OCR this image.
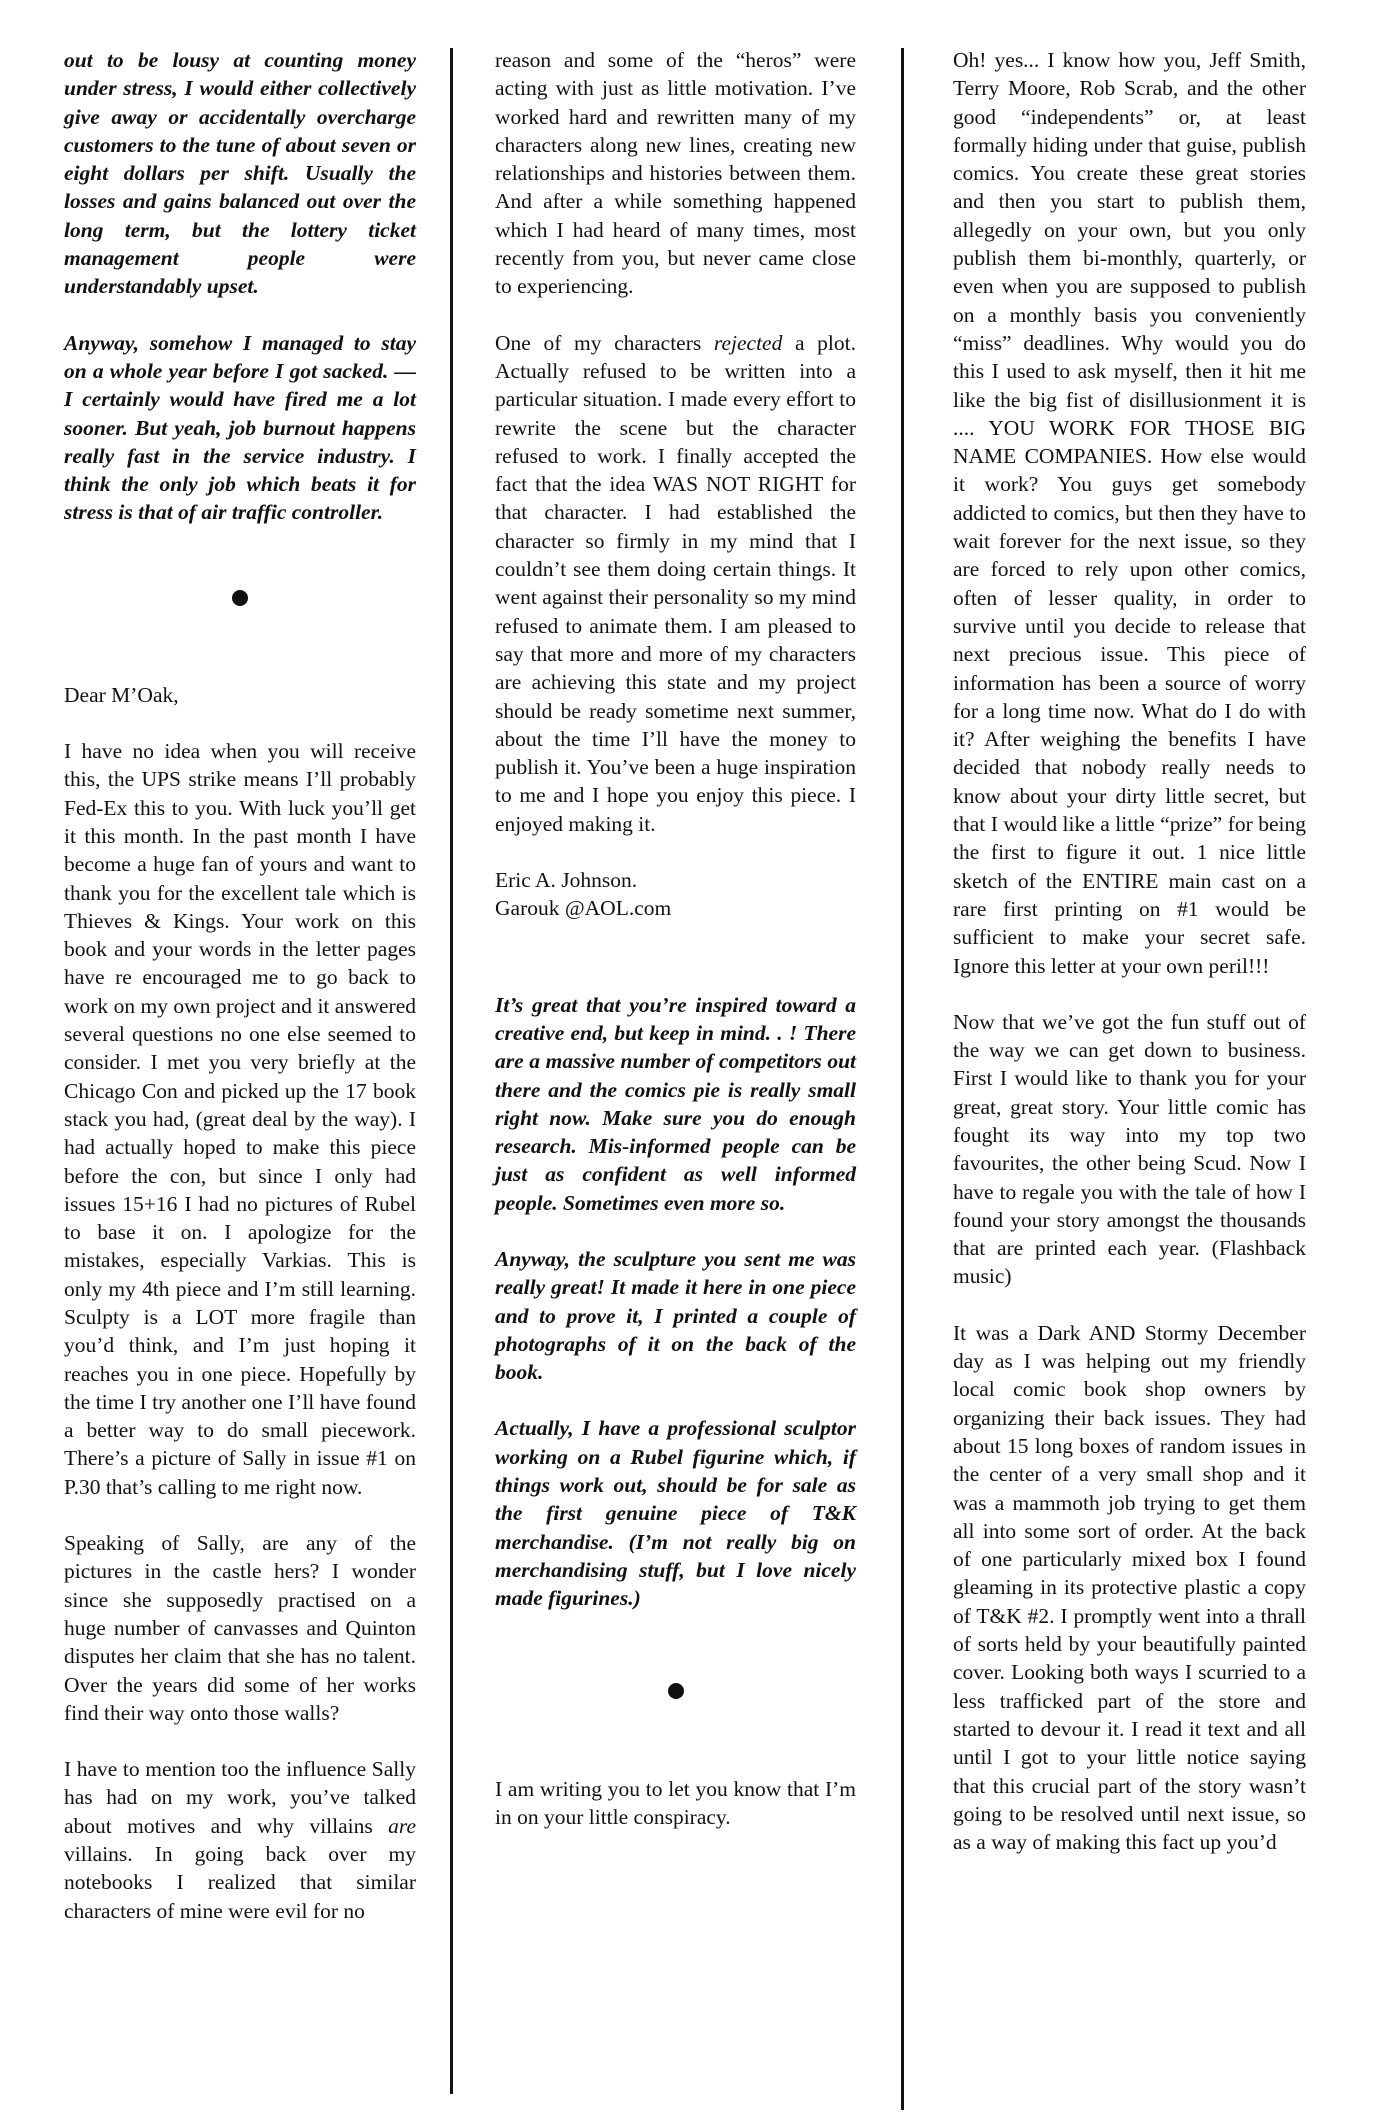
out to be lousy at counting money under stress, I would either collectively give away or accidentally overcharge customers to the tune of about seven or eight dollars per shift. Usually the losses and gains balanced out over the long term, but the lottery ticket management people were understandably upset.

Anyway, somehow I managed to stay on a whole year before I got sacked. —I certainly would have fired me a lot sooner. But yeah, job burnout happens really fast in the service industry. I think the only job which beats it for stress is that of air traffic controller.

Dear M’Oak,

I have no idea when you will receive this, the UPS strike means I’ll probably Fed-Ex this to you. With luck you’ll get it this month. In the past month I have become a huge fan of yours and want to thank you for the excellent tale which is Thieves & Kings. Your work on this book and your words in the letter pages have re encouraged me to go back to work on my own project and it answered several questions no one else seemed to consider. I met you very briefly at the Chicago Con and picked up the 17 book stack you had, (great deal by the way). I had actually hoped to make this piece before the con, but since I only had issues 15+16 I had no pictures of Rubel to base it on. I apologize for the mistakes, especially Varkias. This is only my 4th piece and I’m still learning. Sculpty is a LOT more fragile than you’d think, and I’m just hoping it reaches you in one piece. Hopefully by the time I try another one I’ll have found a better way to do small piecework. There’s a picture of Sally in issue #1 on P.30 that’s calling to me right now.

Speaking of Sally, are any of the pictures in the castle hers? I wonder since she supposedly practised on a huge number of canvasses and Quinton disputes her claim that she has no talent. Over the years did some of her works find their way onto those walls?

I have to mention too the influence Sally has had on my work, you’ve talked about motives and why villains are villains. In going back over my notebooks I realized that similar characters of mine were evil for no

reason and some of the “heros” were acting with just as little motivation. I’ve worked hard and rewritten many of my characters along new lines, creating new relationships and histories between them. And after a while something happened which I had heard of many times, most recently from you, but never came close to experiencing.

One of my characters rejected a plot. Actually refused to be written into a particular situation. I made every effort to rewrite the scene but the character refused to work. I finally accepted the fact that the idea WAS NOT RIGHT for that character. I had established the character so firmly in my mind that I couldn’t see them doing certain things. It went against their personality so my mind refused to animate them. I am pleased to say that more and more of my characters are achieving this state and my project should be ready sometime next summer, about the time I’ll have the money to publish it. You’ve been a huge inspiration to me and I hope you enjoy this piece. I enjoyed making it.

Eric A. Johnson.

Garouk @AOL.com

It’s great that you’re inspired toward a creative end, but keep in mind. . ! There are a massive number of competitors out there and the comics pie is really small right now. Make sure you do enough research. Mis-informed people can be just as confident as well informed people. Sometimes even more so.

Anyway, the sculpture you sent me was really great! It made it here in one piece and to prove it, I printed a couple of photographs of it on the back of the book.

Actually, I have a professional sculptor working on a Rubel figurine which, if things work out, should be for sale as the first genuine piece of T&K merchandise. (I’m not really big on merchandising stuff, but I love nicely made figurines.)

I am writing you to let you know that I’m in on your little conspiracy.

Oh! yes... I know how you, Jeff Smith, Terry Moore, Rob Scrab, and the other good “independents” or, at least formally hiding under that guise, publish comics. You create these great stories and then you start to publish them, allegedly on your own, but you only publish them bi-monthly, quarterly, or even when you are supposed to publish on a monthly basis you conveniently “miss” deadlines. Why would you do this I used to ask myself, then it hit me like the big fist of disillusionment it is .... YOU WORK FOR THOSE BIG NAME COMPANIES. How else would it work? You guys get somebody addicted to comics, but then they have to wait forever for the next issue, so they are forced to rely upon other comics, often of lesser quality, in order to survive until you decide to release that next precious issue. This piece of information has been a source of worry for a long time now. What do I do with it? After weighing the benefits I have decided that nobody really needs to know about your dirty little secret, but that I would like a little “prize” for being the first to figure it out. 1 nice little sketch of the ENTIRE main cast on a rare first printing on #1 would be sufficient to make your secret safe. Ignore this letter at your own peril!!!

Now that we’ve got the fun stuff out of the way we can get down to business. First I would like to thank you for your great, great story. Your little comic has fought its way into my top two favourites, the other being Scud. Now I have to regale you with the tale of how I found your story amongst the thousands that are printed each year. (Flashback music)

It was a Dark AND Stormy December day as I was helping out my friendly local comic book shop owners by organizing their back issues. They had about 15 long boxes of random issues in the center of a very small shop and it was a mammoth job trying to get them all into some sort of order. At the back of one particularly mixed box I found gleaming in its protective plastic a copy of T&K #2. I promptly went into a thrall of sorts held by your beautifully painted cover. Looking both ways I scurried to a less trafficked part of the store and started to devour it. I read it text and all until I got to your little notice saying that this crucial part of the story wasn’t going to be resolved until next issue, so as a way of making this fact up you’d
